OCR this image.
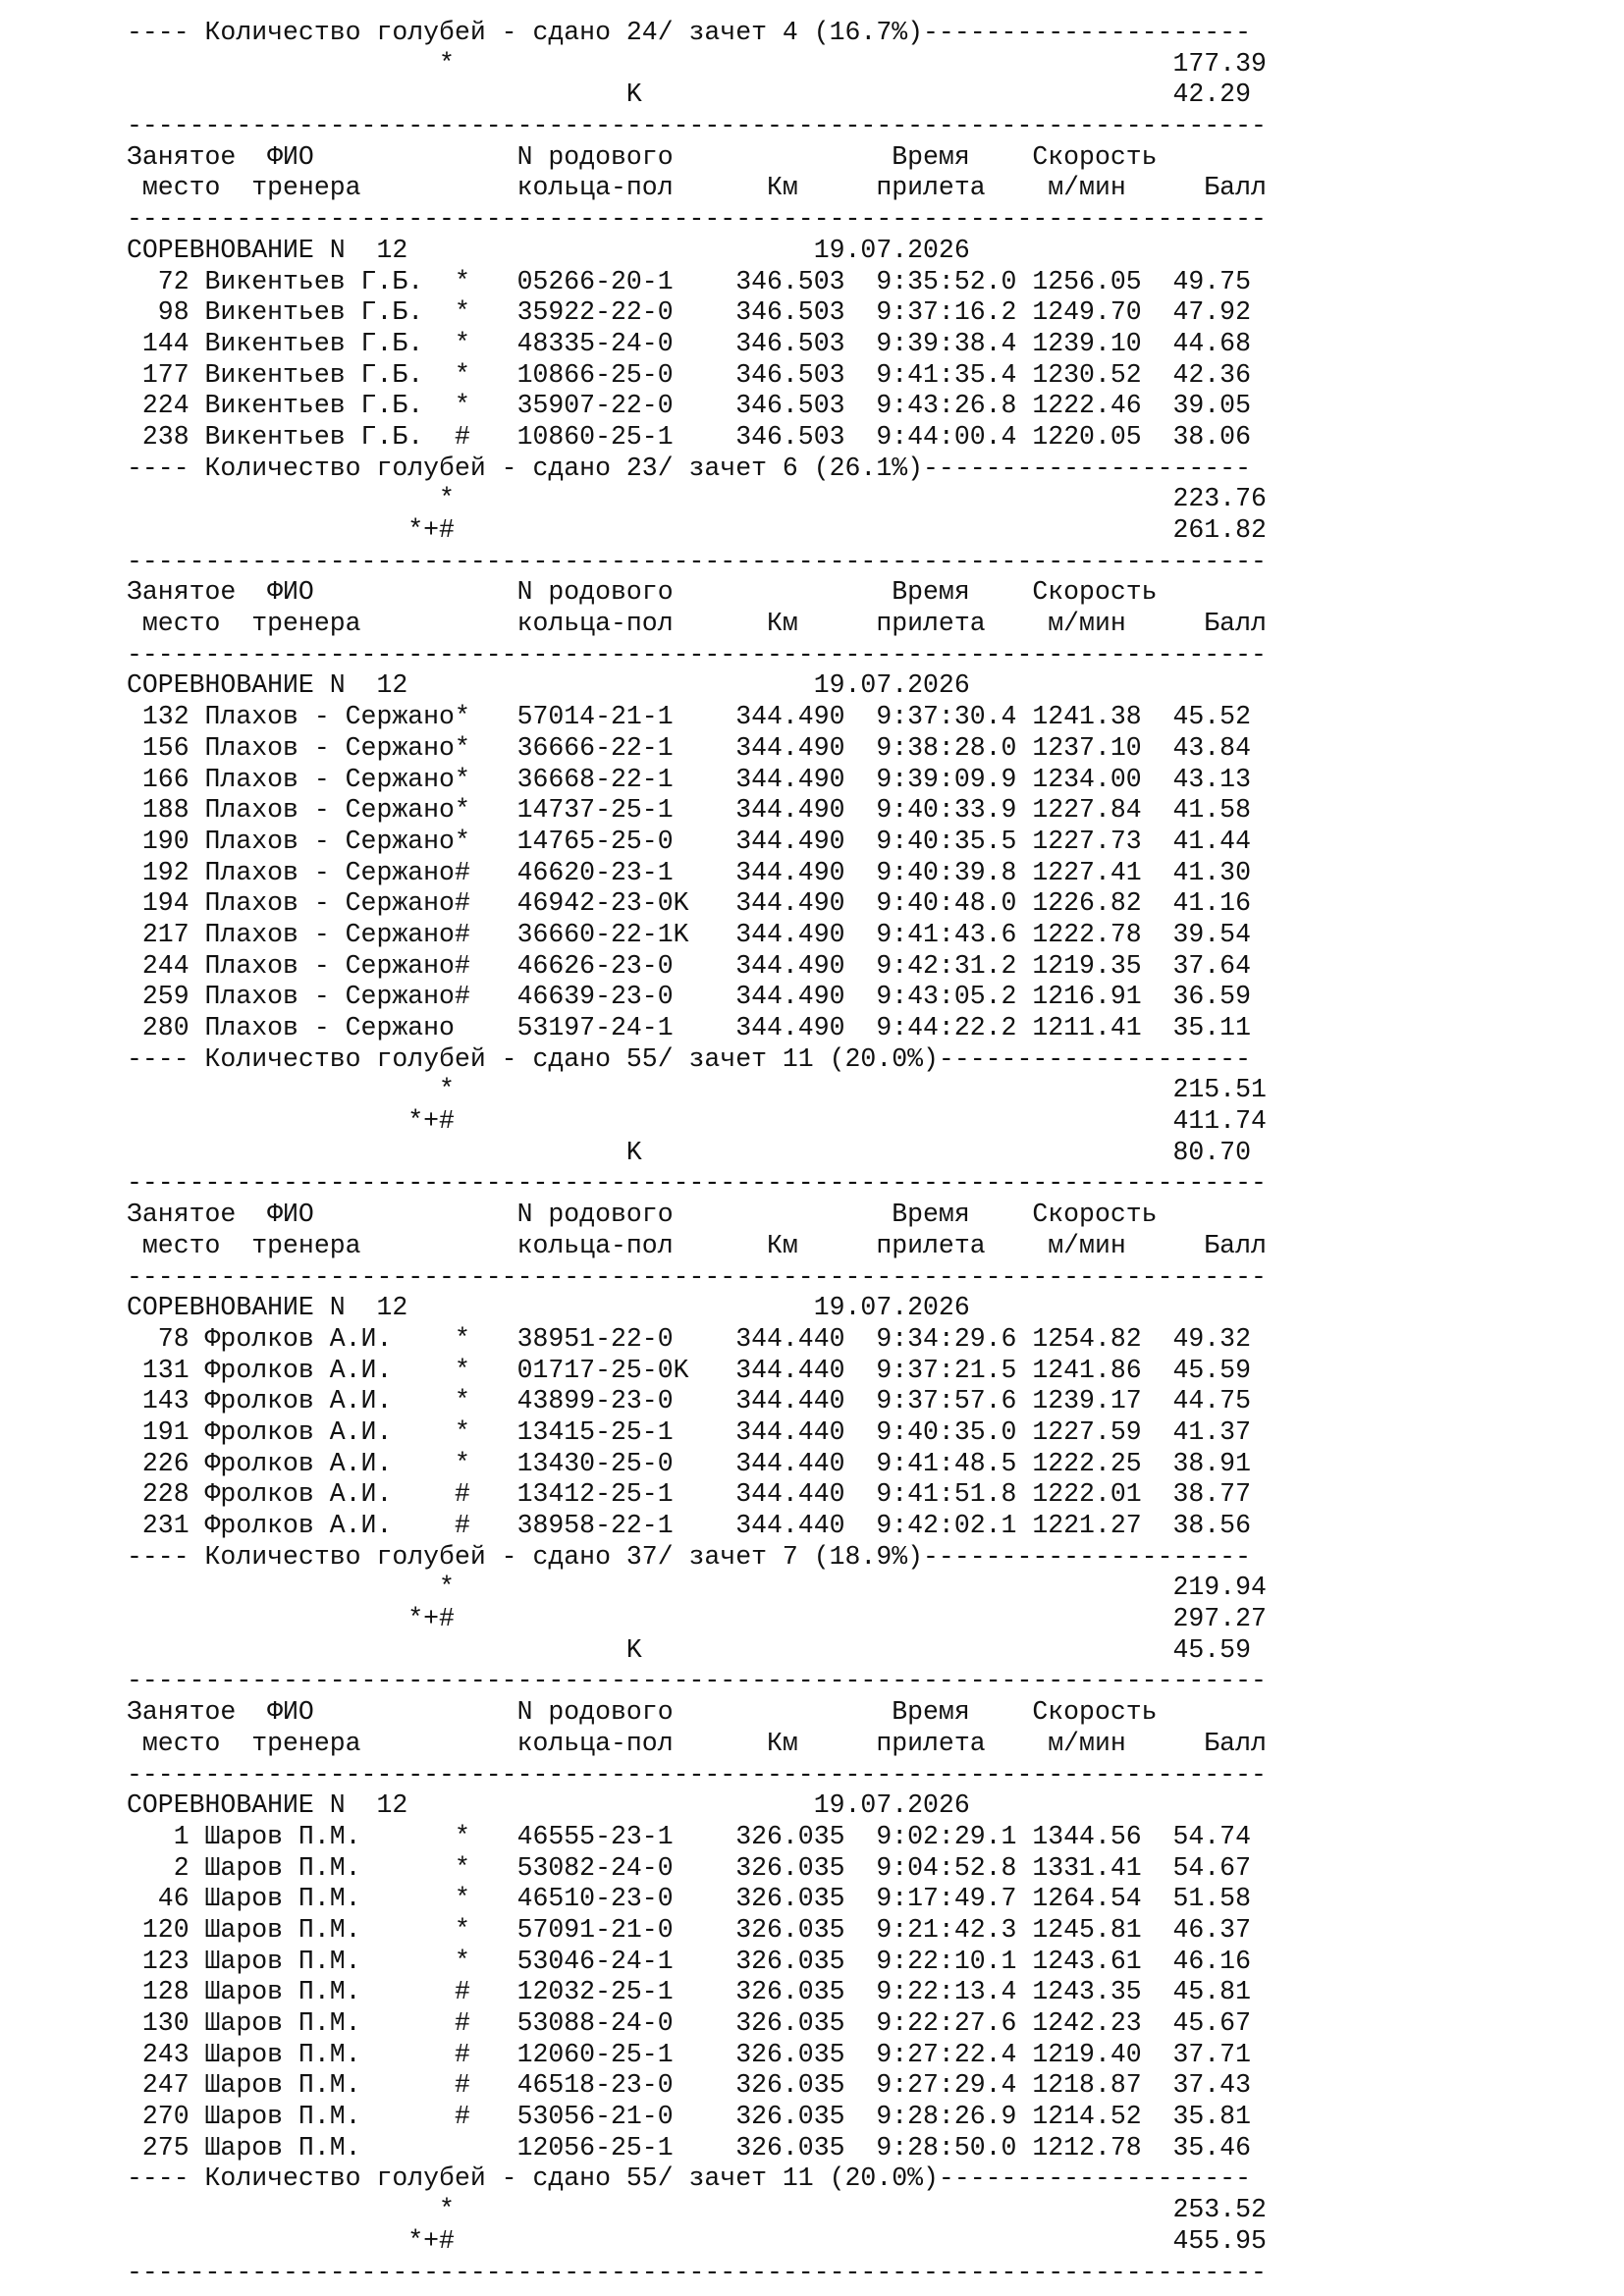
---- Количество голубей - сдано 24/ зачет 4 (16.7%)---------------------
*                                              177.39
K                                  42.29
-------------------------------------------------------------------------
Занятое  ФИО             N родового              Время    Скорость
место  тренера          кольца-пол      Км     прилета    м/мин     Балл
-------------------------------------------------------------------------
СОРЕВНОВАНИЕ N  12                          19.07.2026
72 Викентьев Г.Б.  *   05266-20-1    346.503  9:35:52.0 1256.05  49.75
98 Викентьев Г.Б.  *   35922-22-0    346.503  9:37:16.2 1249.70  47.92
144 Викентьев Г.Б.  *   48335-24-0    346.503  9:39:38.4 1239.10  44.68
177 Викентьев Г.Б.  *   10866-25-0    346.503  9:41:35.4 1230.52  42.36
224 Викентьев Г.Б.  *   35907-22-0    346.503  9:43:26.8 1222.46  39.05
238 Викентьев Г.Б.  #   10860-25-1    346.503  9:44:00.4 1220.05  38.06
---- Количество голубей - сдано 23/ зачет 6 (26.1%)---------------------
*                                              223.76
*+#                                              261.82
-------------------------------------------------------------------------
Занятое  ФИО             N родового              Время    Скорость
место  тренера          кольца-пол      Км     прилета    м/мин     Балл
-------------------------------------------------------------------------
СОРЕВНОВАНИЕ N  12                          19.07.2026
132 Плахов - Сержано*   57014-21-1    344.490  9:37:30.4 1241.38  45.52
156 Плахов - Сержано*   36666-22-1    344.490  9:38:28.0 1237.10  43.84
166 Плахов - Сержано*   36668-22-1    344.490  9:39:09.9 1234.00  43.13
188 Плахов - Сержано*   14737-25-1    344.490  9:40:33.9 1227.84  41.58
190 Плахов - Сержано*   14765-25-0    344.490  9:40:35.5 1227.73  41.44
192 Плахов - Сержано#   46620-23-1    344.490  9:40:39.8 1227.41  41.30
194 Плахов - Сержано#   46942-23-0K   344.490  9:40:48.0 1226.82  41.16
217 Плахов - Сержано#   36660-22-1K   344.490  9:41:43.6 1222.78  39.54
244 Плахов - Сержано#   46626-23-0    344.490  9:42:31.2 1219.35  37.64
259 Плахов - Сержано#   46639-23-0    344.490  9:43:05.2 1216.91  36.59
280 Плахов - Сержано    53197-24-1    344.490  9:44:22.2 1211.41  35.11
---- Количество голубей - сдано 55/ зачет 11 (20.0%)--------------------
*                                              215.51
*+#                                              411.74
K                                  80.70
-------------------------------------------------------------------------
Занятое  ФИО             N родового              Время    Скорость
место  тренера          кольца-пол      Км     прилета    м/мин     Балл
-------------------------------------------------------------------------
СОРЕВНОВАНИЕ N  12                          19.07.2026
78 Фролков А.И.    *   38951-22-0    344.440  9:34:29.6 1254.82  49.32
131 Фролков А.И.    *   01717-25-0K   344.440  9:37:21.5 1241.86  45.59
143 Фролков А.И.    *   43899-23-0    344.440  9:37:57.6 1239.17  44.75
191 Фролков А.И.    *   13415-25-1    344.440  9:40:35.0 1227.59  41.37
226 Фролков А.И.    *   13430-25-0    344.440  9:41:48.5 1222.25  38.91
228 Фролков А.И.    #   13412-25-1    344.440  9:41:51.8 1222.01  38.77
231 Фролков А.И.    #   38958-22-1    344.440  9:42:02.1 1221.27  38.56
---- Количество голубей - сдано 37/ зачет 7 (18.9%)---------------------
*                                              219.94
*+#                                              297.27
K                                  45.59
-------------------------------------------------------------------------
Занятое  ФИО             N родового              Время    Скорость
место  тренера          кольца-пол      Км     прилета    м/мин     Балл
-------------------------------------------------------------------------
СОРЕВНОВАНИЕ N  12                          19.07.2026
1 Шаров П.М.      *   46555-23-1    326.035  9:02:29.1 1344.56  54.74
2 Шаров П.М.      *   53082-24-0    326.035  9:04:52.8 1331.41  54.67
46 Шаров П.М.      *   46510-23-0    326.035  9:17:49.7 1264.54  51.58
120 Шаров П.М.      *   57091-21-0    326.035  9:21:42.3 1245.81  46.37
123 Шаров П.М.      *   53046-24-1    326.035  9:22:10.1 1243.61  46.16
128 Шаров П.М.      #   12032-25-1    326.035  9:22:13.4 1243.35  45.81
130 Шаров П.М.      #   53088-24-0    326.035  9:22:27.6 1242.23  45.67
243 Шаров П.М.      #   12060-25-1    326.035  9:27:22.4 1219.40  37.71
247 Шаров П.М.      #   46518-23-0    326.035  9:27:29.4 1218.87  37.43
270 Шаров П.М.      #   53056-21-0    326.035  9:28:26.9 1214.52  35.81
275 Шаров П.М.          12056-25-1    326.035  9:28:50.0 1212.78  35.46
---- Количество голубей - сдано 55/ зачет 11 (20.0%)--------------------
*                                              253.52
*+#                                              455.95
-------------------------------------------------------------------------
